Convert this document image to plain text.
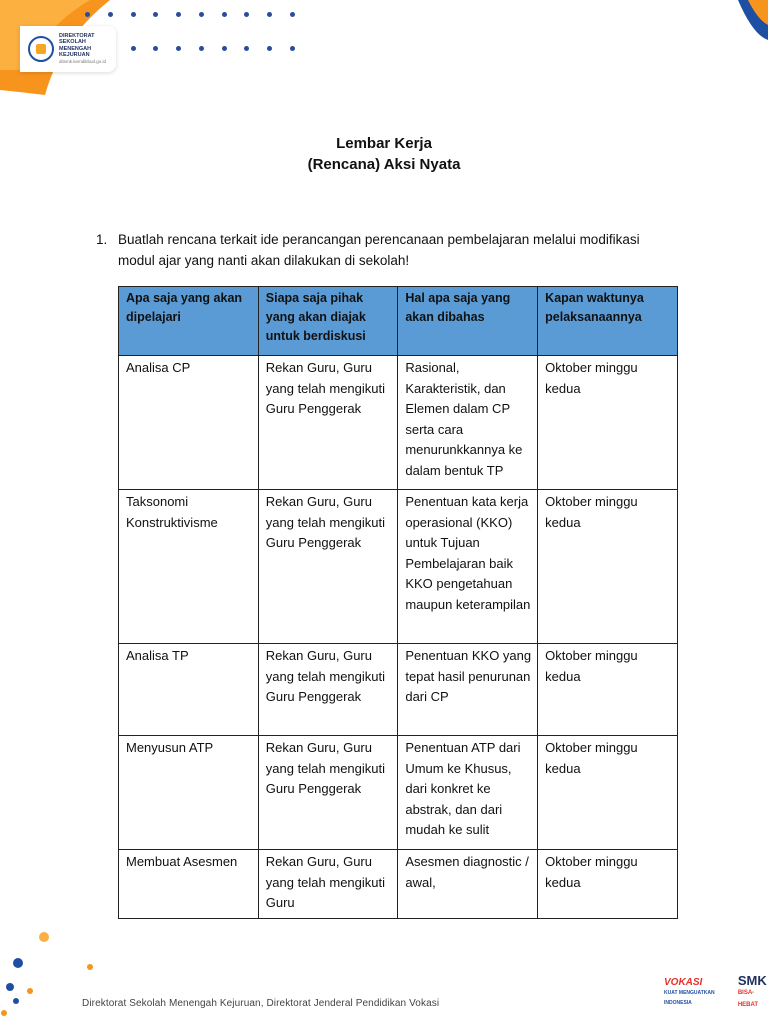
DIREKTORAT
SEKOLAH MENENGAH
KEJURUAN
ditsmk.kemdikbud.go.id
Lembar Kerja
(Rencana) Aksi Nyata
1. Buatlah rencana terkait ide perancangan perencanaan pembelajaran melalui modifikasi modul ajar yang nanti akan dilakukan di sekolah!
Apa saja yang akan dipelajari	Siapa saja pihak yang akan diajak untuk berdiskusi	Hal apa saja yang akan dibahas	Kapan waktunya pelaksanaannya
Analisa CP	Rekan Guru, Guru yang telah mengikuti Guru Penggerak	Rasional, Karakteristik, dan Elemen dalam CP serta cara menurunkkannya ke dalam bentuk TP	Oktober minggu kedua
Taksonomi Konstruktivisme	Rekan Guru, Guru yang telah mengikuti Guru Penggerak	Penentuan kata kerja operasional (KKO) untuk Tujuan Pembelajaran baik KKO pengetahuan maupun keterampilan	Oktober minggu kedua
Analisa TP	Rekan Guru, Guru yang telah mengikuti Guru Penggerak	Penentuan KKO yang tepat hasil penurunan dari CP	Oktober minggu kedua
Menyusun ATP	Rekan Guru, Guru yang telah mengikuti Guru Penggerak	Penentuan ATP dari Umum ke Khusus, dari konkret ke abstrak, dan dari mudah ke sulit	Oktober minggu kedua
Membuat Asesmen	Rekan Guru, Guru yang telah mengikuti Guru	Asesmen diagnostic / awal,	Oktober minggu kedua
Direktorat Sekolah Menengah Kejuruan, Direktorat Jenderal Pendidikan Vokasi
VOKASI
KUAT MENGUATKAN INDONESIA
SMK
BISA-HEBAT
